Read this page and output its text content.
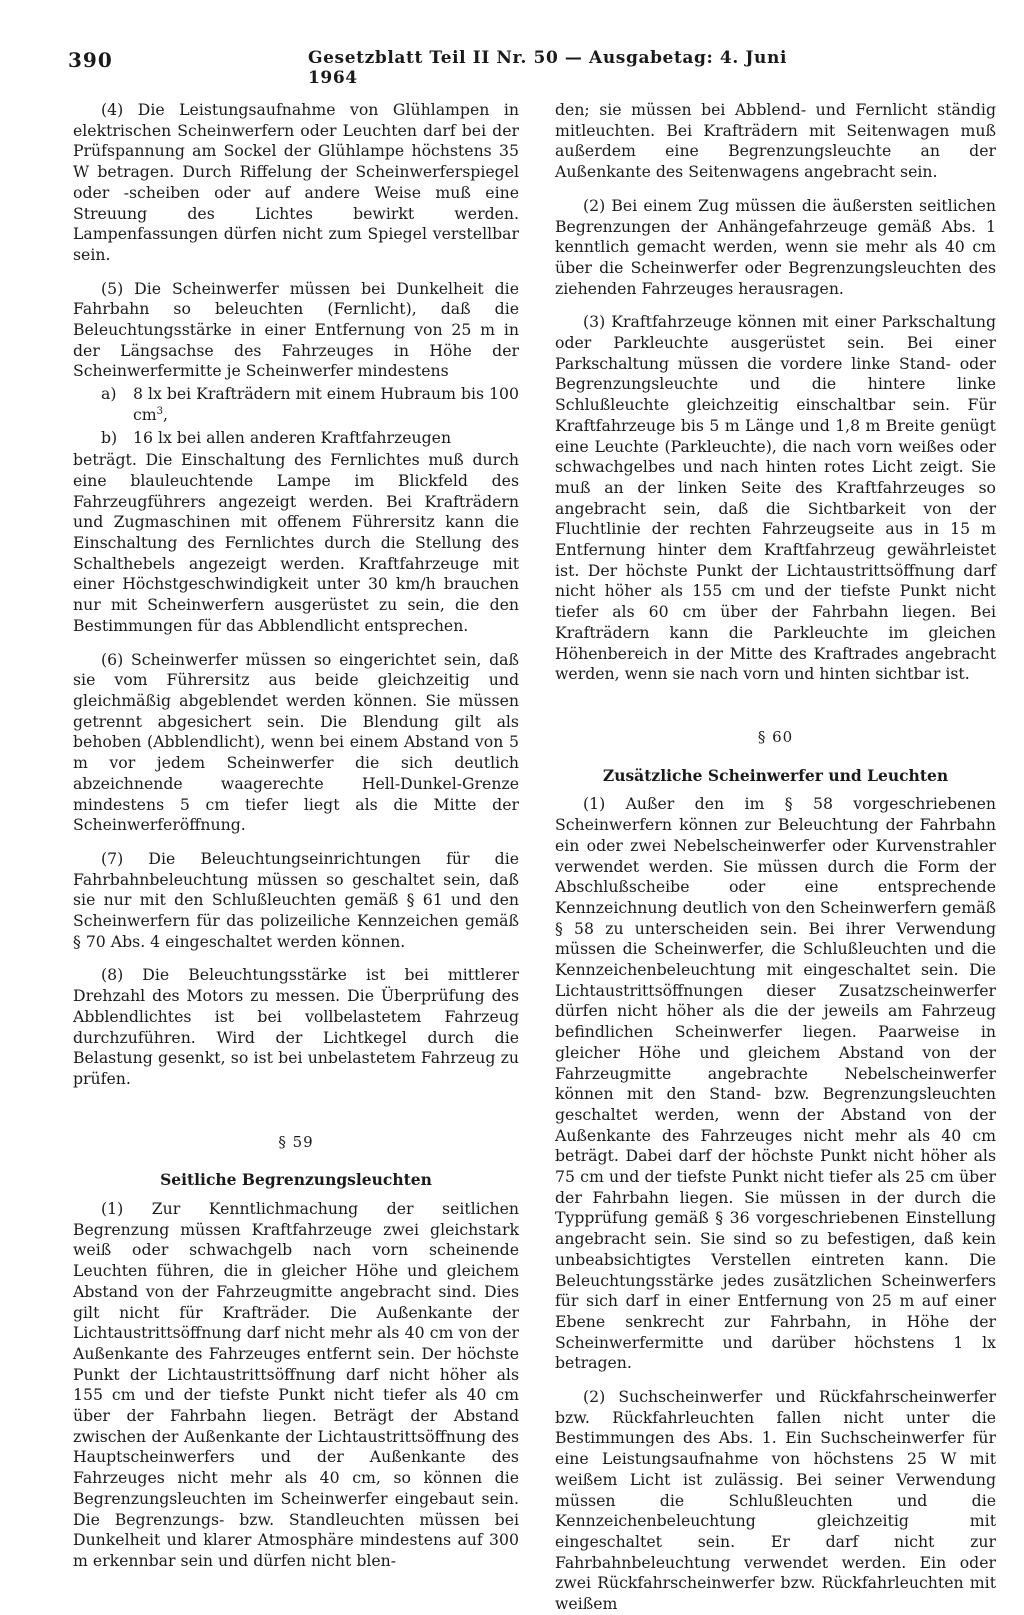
390	Gesetzblatt Teil II Nr. 50 — Ausgabetag: 4. Juni 1964

(4) Die Leistungsaufnahme von Glühlampen in elektrischen Scheinwerfern oder Leuchten darf bei der Prüfspannung am Sockel der Glühlampe höchstens 35 W betragen. Durch Riffelung der Scheinwerferspiegel oder -scheiben oder auf andere Weise muß eine Streuung des Lichtes bewirkt werden. Lampenfassungen dürfen nicht zum Spiegel verstellbar sein.

(5) Die Scheinwerfer müssen bei Dunkelheit die Fahrbahn so beleuchten (Fernlicht), daß die Beleuchtungsstärke in einer Entfernung von 25 m in der Längsachse des Fahrzeuges in Höhe der Scheinwerfermitte je Scheinwerfer mindestens

a)	8 lx bei Krafträdern mit einem Hubraum bis 100 $cm^3$,
b)	16 lx bei allen anderen Kraftfahrzeugen

beträgt. Die Einschaltung des Fernlichtes muß durch eine blauleuchtende Lampe im Blickfeld des Fahrzeugführers angezeigt werden. Bei Krafträdern und Zugmaschinen mit offenem Führersitz kann die Einschaltung des Fernlichtes durch die Stellung des Schalthebels angezeigt werden. Kraftfahrzeuge mit einer Höchstgeschwindigkeit unter 30 km/h brauchen nur mit Scheinwerfern ausgerüstet zu sein, die den Bestimmungen für das Abblendlicht entsprechen.

(6) Scheinwerfer müssen so eingerichtet sein, daß sie vom Führersitz aus beide gleichzeitig und gleichmäßig abgeblendet werden können. Sie müssen getrennt abgesichert sein. Die Blendung gilt als behoben (Abblendlicht), wenn bei einem Abstand von 5 m vor jedem Scheinwerfer die sich deutlich abzeichnende waagerechte Hell-Dunkel-Grenze mindestens 5 cm tiefer liegt als die Mitte der Scheinwerferöffnung.

(7) Die Beleuchtungseinrichtungen für die Fahrbahnbeleuchtung müssen so geschaltet sein, daß sie nur mit den Schlußleuchten gemäß § 61 und den Scheinwerfern für das polizeiliche Kennzeichen gemäß § 70 Abs. 4 eingeschaltet werden können.

(8) Die Beleuchtungsstärke ist bei mittlerer Drehzahl des Motors zu messen. Die Überprüfung des Abblendlichtes ist bei vollbelastetem Fahrzeug durchzuführen. Wird der Lichtkegel durch die Belastung gesenkt, so ist bei unbelastetem Fahrzeug zu prüfen.

§ 59
Seitliche Begrenzungsleuchten

(1) Zur Kenntlichmachung der seitlichen Begrenzung müssen Kraftfahrzeuge zwei gleichstark weiß oder schwachgelb nach vorn scheinende Leuchten führen, die in gleicher Höhe und gleichem Abstand von der Fahrzeugmitte angebracht sind. Dies gilt nicht für Krafträder. Die Außenkante der Lichtaustrittsöffnung darf nicht mehr als 40 cm von der Außenkante des Fahrzeuges entfernt sein. Der höchste Punkt der Lichtaustrittsöffnung darf nicht höher als 155 cm und der tiefste Punkt nicht tiefer als 40 cm über der Fahrbahn liegen. Beträgt der Abstand zwischen der Außenkante der Lichtaustrittsöffnung des Hauptscheinwerfers und der Außenkante des Fahrzeuges nicht mehr als 40 cm, so können die Begrenzungsleuchten im Scheinwerfer eingebaut sein. Die Begrenzungs- bzw. Standleuchten müssen bei Dunkelheit und klarer Atmosphäre mindestens auf 300 m erkennbar sein und dürfen nicht blen-

den; sie müssen bei Abblend- und Fernlicht ständig mitleuchten. Bei Krafträdern mit Seitenwagen muß außerdem eine Begrenzungsleuchte an der Außenkante des Seitenwagens angebracht sein.

(2) Bei einem Zug müssen die äußersten seitlichen Begrenzungen der Anhängefahrzeuge gemäß Abs. 1 kenntlich gemacht werden, wenn sie mehr als 40 cm über die Scheinwerfer oder Begrenzungsleuchten des ziehenden Fahrzeuges herausragen.

(3) Kraftfahrzeuge können mit einer Parkschaltung oder Parkleuchte ausgerüstet sein. Bei einer Parkschaltung müssen die vordere linke Stand- oder Begrenzungsleuchte und die hintere linke Schlußleuchte gleichzeitig einschaltbar sein. Für Kraftfahrzeuge bis 5 m Länge und 1,8 m Breite genügt eine Leuchte (Parkleuchte), die nach vorn weißes oder schwachgelbes und nach hinten rotes Licht zeigt. Sie muß an der linken Seite des Kraftfahrzeuges so angebracht sein, daß die Sichtbarkeit von der Fluchtlinie der rechten Fahrzeugseite aus in 15 m Entfernung hinter dem Kraftfahrzeug gewährleistet ist. Der höchste Punkt der Lichtaustrittsöffnung darf nicht höher als 155 cm und der tiefste Punkt nicht tiefer als 60 cm über der Fahrbahn liegen. Bei Krafträdern kann die Parkleuchte im gleichen Höhenbereich in der Mitte des Kraftrades angebracht werden, wenn sie nach vorn und hinten sichtbar ist.

§ 60
Zusätzliche Scheinwerfer und Leuchten

(1) Außer den im § 58 vorgeschriebenen Scheinwerfern können zur Beleuchtung der Fahrbahn ein oder zwei Nebelscheinwerfer oder Kurvenstrahler verwendet werden. Sie müssen durch die Form der Abschlußscheibe oder eine entsprechende Kennzeichnung deutlich von den Scheinwerfern gemäß § 58 zu unterscheiden sein. Bei ihrer Verwendung müssen die Scheinwerfer, die Schlußleuchten und die Kennzeichenbeleuchtung mit eingeschaltet sein. Die Lichtaustrittsöffnungen dieser Zusatzscheinwerfer dürfen nicht höher als die der jeweils am Fahrzeug befindlichen Scheinwerfer liegen. Paarweise in gleicher Höhe und gleichem Abstand von der Fahrzeugmitte angebrachte Nebelscheinwerfer können mit den Stand- bzw. Begrenzungsleuchten geschaltet werden, wenn der Abstand von der Außenkante des Fahrzeuges nicht mehr als 40 cm beträgt. Dabei darf der höchste Punkt nicht höher als 75 cm und der tiefste Punkt nicht tiefer als 25 cm über der Fahrbahn liegen. Sie müssen in der durch die Typprüfung gemäß § 36 vorgeschriebenen Einstellung angebracht sein. Sie sind so zu befestigen, daß kein unbeabsichtigtes Verstellen eintreten kann. Die Beleuchtungsstärke jedes zusätzlichen Scheinwerfers für sich darf in einer Entfernung von 25 m auf einer Ebene senkrecht zur Fahrbahn, in Höhe der Scheinwerfermitte und darüber höchstens 1 lx betragen.

(2) Suchscheinwerfer und Rückfahrscheinwerfer bzw. Rückfahrleuchten fallen nicht unter die Bestimmungen des Abs. 1. Ein Suchscheinwerfer für eine Leistungsaufnahme von höchstens 25 W mit weißem Licht ist zulässig. Bei seiner Verwendung müssen die Schlußleuchten und die Kennzeichenbeleuchtung gleichzeitig mit eingeschaltet sein. Er darf nicht zur Fahrbahnbeleuchtung verwendet werden. Ein oder zwei Rückfahrscheinwerfer bzw. Rückfahrleuchten mit weißem
